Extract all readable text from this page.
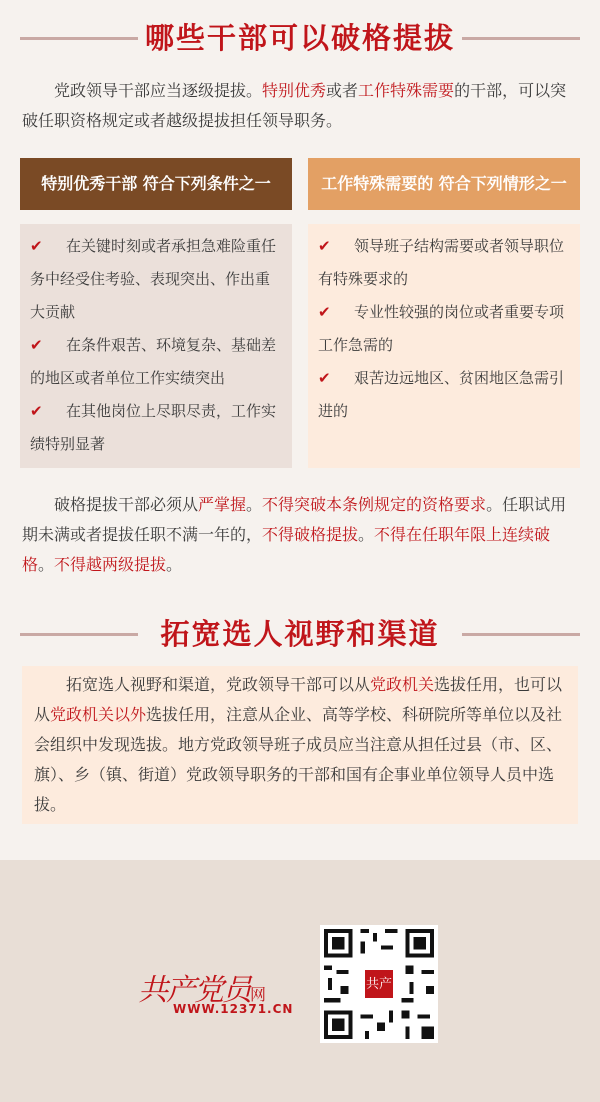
哪些干部可以破格提拔
党政领导干部应当逐级提拔。特别优秀或者工作特殊需要的干部，可以突破任职资格规定或者越级提拔担任领导职务。
特别优秀干部 符合下列条件之一	工作特殊需要的 符合下列情形之一
✔ 在关键时刻或者承担急难险重任务中经受住考验、表现突出、作出重大贡献
✔ 在条件艰苦、环境复杂、基础差的地区或者单位工作实绩突出
✔ 在其他岗位上尽职尽责，工作实绩特别显著
✔ 领导班子结构需要或者领导职位有特殊要求的
✔ 专业性较强的岗位或者重要专项工作急需的
✔ 艰苦边远地区、贫困地区急需引进的
破格提拔干部必须从严掌握。不得突破本条例规定的资格要求。任职试用期未满或者提拔任职不满一年的，不得破格提拔。不得在任职年限上连续破格。不得越两级提拔。
拓宽选人视野和渠道
拓宽选人视野和渠道，党政领导干部可以从党政机关选拔任用，也可以从党政机关以外选拔任用，注意从企业、高等学校、科研院所等单位以及社会组织中发现选拔。地方党政领导班子成员应当注意从担任过县（市、区、旗）、乡（镇、街道）党政领导职务的干部和国有企事业单位领导人员中选拔。
共产党员网
WWW.12371.CN
共产
